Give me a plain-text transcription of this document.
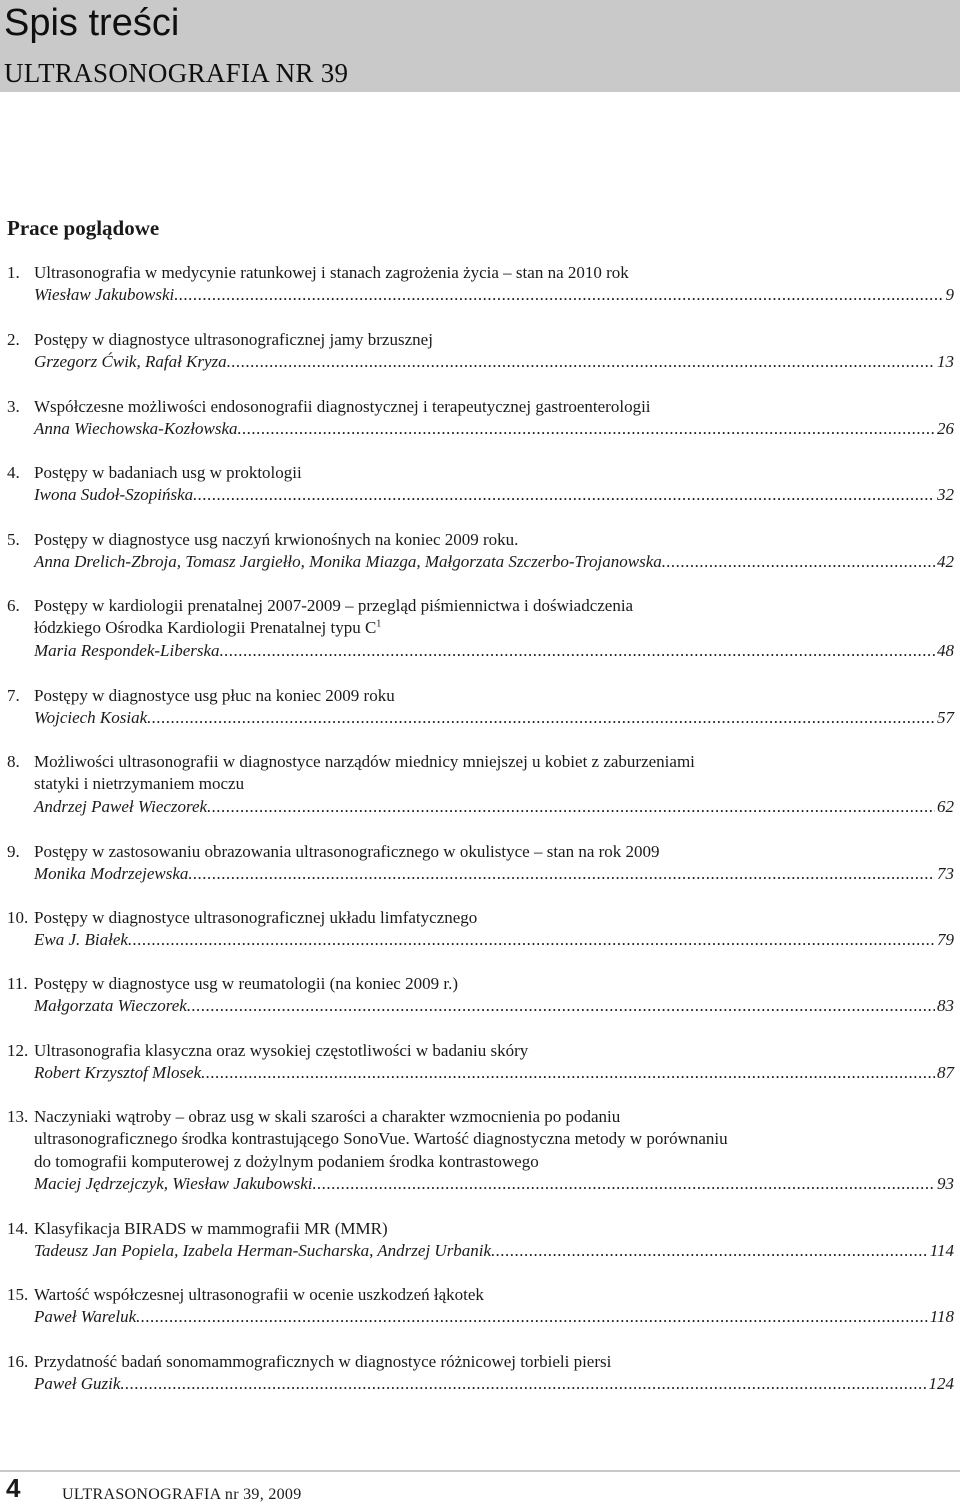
Spis treści
ULTRASONOGRAFIA NR 39
Prace poglądowe
1. Ultrasonografia w medycynie ratunkowej i stanach zagrożenia życia – stan na 2010 rok
Wiesław Jakubowski .....	9
2. Postępy w diagnostyce ultrasonograficznej jamy brzusznej
Grzegorz Ćwik, Rafał Kryza .....	13
3. Współczesne możliwości endosonografii diagnostycznej i terapeutycznej gastroenterologii
Anna Wiechowska-Kozłowska .....	26
4. Postępy w badaniach usg w proktologii
Iwona Sudoł-Szopińska .....	32
5. Postępy w diagnostyce usg naczyń krwionośnych na koniec 2009 roku.
Anna Drelich-Zbroja, Tomasz Jargiełło, Monika Miazga, Małgorzata Szczerbo-Trojanowska .....	42
6. Postępy w kardiologii prenatalnej 2007-2009 – przegląd piśmiennictwa i doświadczenia
łódzkiego Ośrodka Kardiologii Prenatalnej typu $C^1$
Maria Respondek-Liberska .....	48
7. Postępy w diagnostyce usg płuc na koniec 2009 roku
Wojciech Kosiak .....	57
8. Możliwości ultrasonografii w diagnostyce narządów miednicy mniejszej u kobiet z zaburzeniami
statyki i nietrzymaniem moczu
Andrzej Paweł Wieczorek .....	62
9. Postępy w zastosowaniu obrazowania ultrasonograficznego w okulistyce – stan na rok 2009
Monika Modrzejewska .....	73
10. Postępy w diagnostyce ultrasonograficznej układu limfatycznego
Ewa J. Białek .....	79
11. Postępy w diagnostyce usg w reumatologii (na koniec 2009 r.)
Małgorzata Wieczorek .....	83
12. Ultrasonografia klasyczna oraz wysokiej częstotliwości w badaniu skóry
Robert Krzysztof Mlosek .....	87
13. Naczyniaki wątroby – obraz usg w skali szarości a charakter wzmocnienia po podaniu
ultrasonograficznego środka kontrastującego SonoVue. Wartość diagnostyczna metody w porównaniu
do tomografii komputerowej z dożylnym podaniem środka kontrastowego
Maciej Jędrzejczyk, Wiesław Jakubowski .....	93
14. Klasyfikacja BIRADS w mammografii MR (MMR)
Tadeusz Jan Popiela, Izabela Herman-Sucharska, Andrzej Urbanik .....	114
15. Wartość współczesnej ultrasonografii w ocenie uszkodzeń łąkotek
Paweł Wareluk .....	118
16. Przydatność badań sonomammograficznych w diagnostyce różnicowej torbieli piersi
Paweł Guzik .....	124
4	ULTRASONOGRAFIA nr 39, 2009
